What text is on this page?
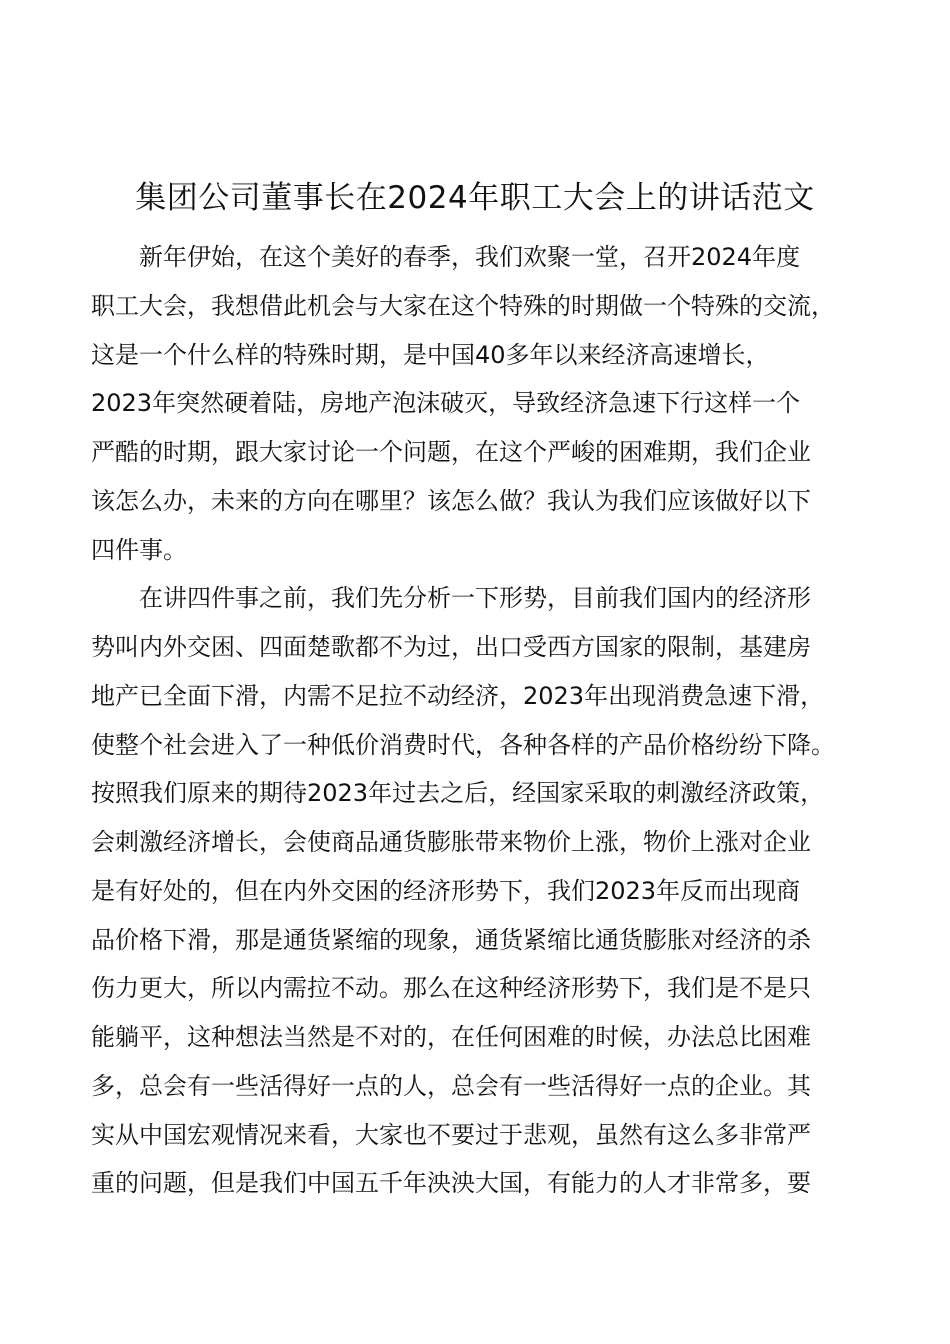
集团公司董事长在2024年职工大会上的讲话范文
新年伊始，在这个美好的春季，我们欢聚一堂，召开2024年度
职工大会，我想借此机会与大家在这个特殊的时期做一个特殊的交流，
这是一个什么样的特殊时期，是中国40多年以来经济高速增长，
2023年突然硬着陆，房地产泡沫破灭，导致经济急速下行这样一个
严酷的时期，跟大家讨论一个问题，在这个严峻的困难期，我们企业
该怎么办，未来的方向在哪里？该怎么做？我认为我们应该做好以下
四件事。
在讲四件事之前，我们先分析一下形势，目前我们国内的经济形
势叫内外交困、四面楚歌都不为过，出口受西方国家的限制，基建房
地产已全面下滑，内需不足拉不动经济，2023年出现消费急速下滑，
使整个社会进入了一种低价消费时代，各种各样的产品价格纷纷下降。
按照我们原来的期待2023年过去之后，经国家采取的刺激经济政策，
会刺激经济增长，会使商品通货膨胀带来物价上涨，物价上涨对企业
是有好处的，但在内外交困的经济形势下，我们2023年反而出现商
品价格下滑，那是通货紧缩的现象，通货紧缩比通货膨胀对经济的杀
伤力更大，所以内需拉不动。那么在这种经济形势下，我们是不是只
能躺平，这种想法当然是不对的，在任何困难的时候，办法总比困难
多，总会有一些活得好一点的人，总会有一些活得好一点的企业。其
实从中国宏观情况来看，大家也不要过于悲观，虽然有这么多非常严
重的问题，但是我们中国五千年泱泱大国，有能力的人才非常多，要
